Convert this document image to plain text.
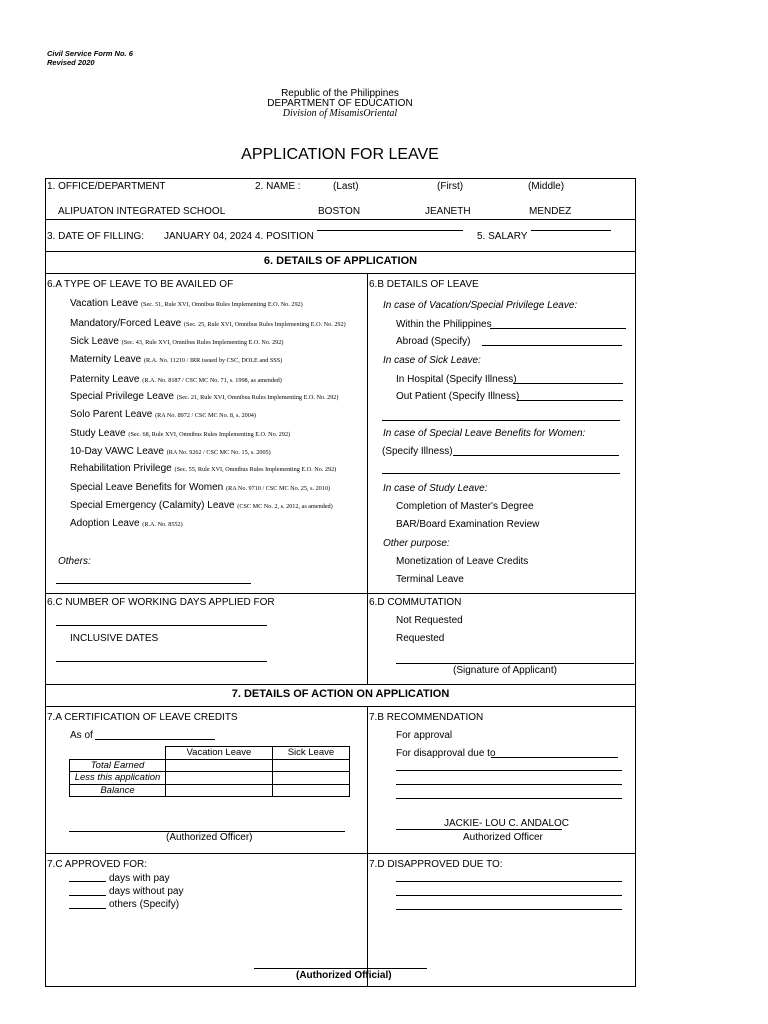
Civil Service Form No. 6
Revised 2020
Republic of the Philippines
DEPARTMENT OF EDUCATION
Division of MisamisOriental
APPLICATION FOR LEAVE
1. OFFICE/DEPARTMENT	2. NAME :	(Last)	(First)	(Middle)
ALIPUATON INTEGRATED SCHOOL	BOSTON	JEANETH	MENDEZ
3. DATE OF FILLING: JANUARY 04, 2024 4. POSITION	5. SALARY
6. DETAILS OF APPLICATION
6.A TYPE OF LEAVE TO BE AVAILED OF
Vacation Leave (Sec. 51, Rule XVI, Omnibus Rules Implementing E.O. No. 292)
Mandatory/Forced Leave (Sec. 25, Rule XVI, Omnibus Rules Implementing E.O. No. 292)
Sick Leave (Sec. 43, Rule XVI, Omnibus Rules Implementing E.O. No. 292)
Maternity Leave (R.A. No. 11210 / IRR issued by CSC, DOLE and SSS)
Paternity Leave (R.A. No. 8187 / CSC MC No. 71, s. 1998, as amended)
Special Privilege Leave (Sec. 21, Rule XVI, Omnibus Rules Implementing E.O. No. 292)
Solo Parent Leave (RA No. 8972 / CSC MC No. 8, s. 2004)
Study Leave (Sec. 68, Rule XVI, Omnibus Rules Implementing E.O. No. 292)
10-Day VAWC Leave (RA No. 9262 / CSC MC No. 15, s. 2005)
Rehabilitation Privilege (Sec. 55, Rule XVI, Omnibus Rules Implementing E.O. No. 292)
Special Leave Benefits for Women (RA No. 9710 / CSC MC No. 25, s. 2010)
Special Emergency (Calamity) Leave (CSC MC No. 2, s. 2012, as amended)
Adoption Leave (R.A. No. 8552)
Others:
6.B DETAILS OF LEAVE
In case of Vacation/Special Privilege Leave:
Within the Philippines
Abroad (Specify)
In case of Sick Leave:
In Hospital (Specify Illness)
Out Patient (Specify Illness)
In case of Special Leave Benefits for Women:
(Specify Illness)
In case of Study Leave:
Completion of Master's Degree
BAR/Board Examination Review
Other purpose:
Monetization of Leave Credits
Terminal Leave
6.C NUMBER OF WORKING DAYS APPLIED FOR
INCLUSIVE DATES
6.D COMMUTATION
Not Requested
Requested
(Signature of Applicant)
7. DETAILS OF ACTION ON APPLICATION
7.A CERTIFICATION OF LEAVE CREDITS
As of
	Vacation Leave	Sick Leave
Total Earned		
Less this application		
Balance		
(Authorized Officer)
7.B RECOMMENDATION
For approval
For disapproval due to
JACKIE- LOU C. ANDALOC
Authorized Officer
7.C APPROVED FOR:
days with pay
days without pay
others (Specify)
7.D DISAPPROVED DUE TO:
(Authorized Official)
